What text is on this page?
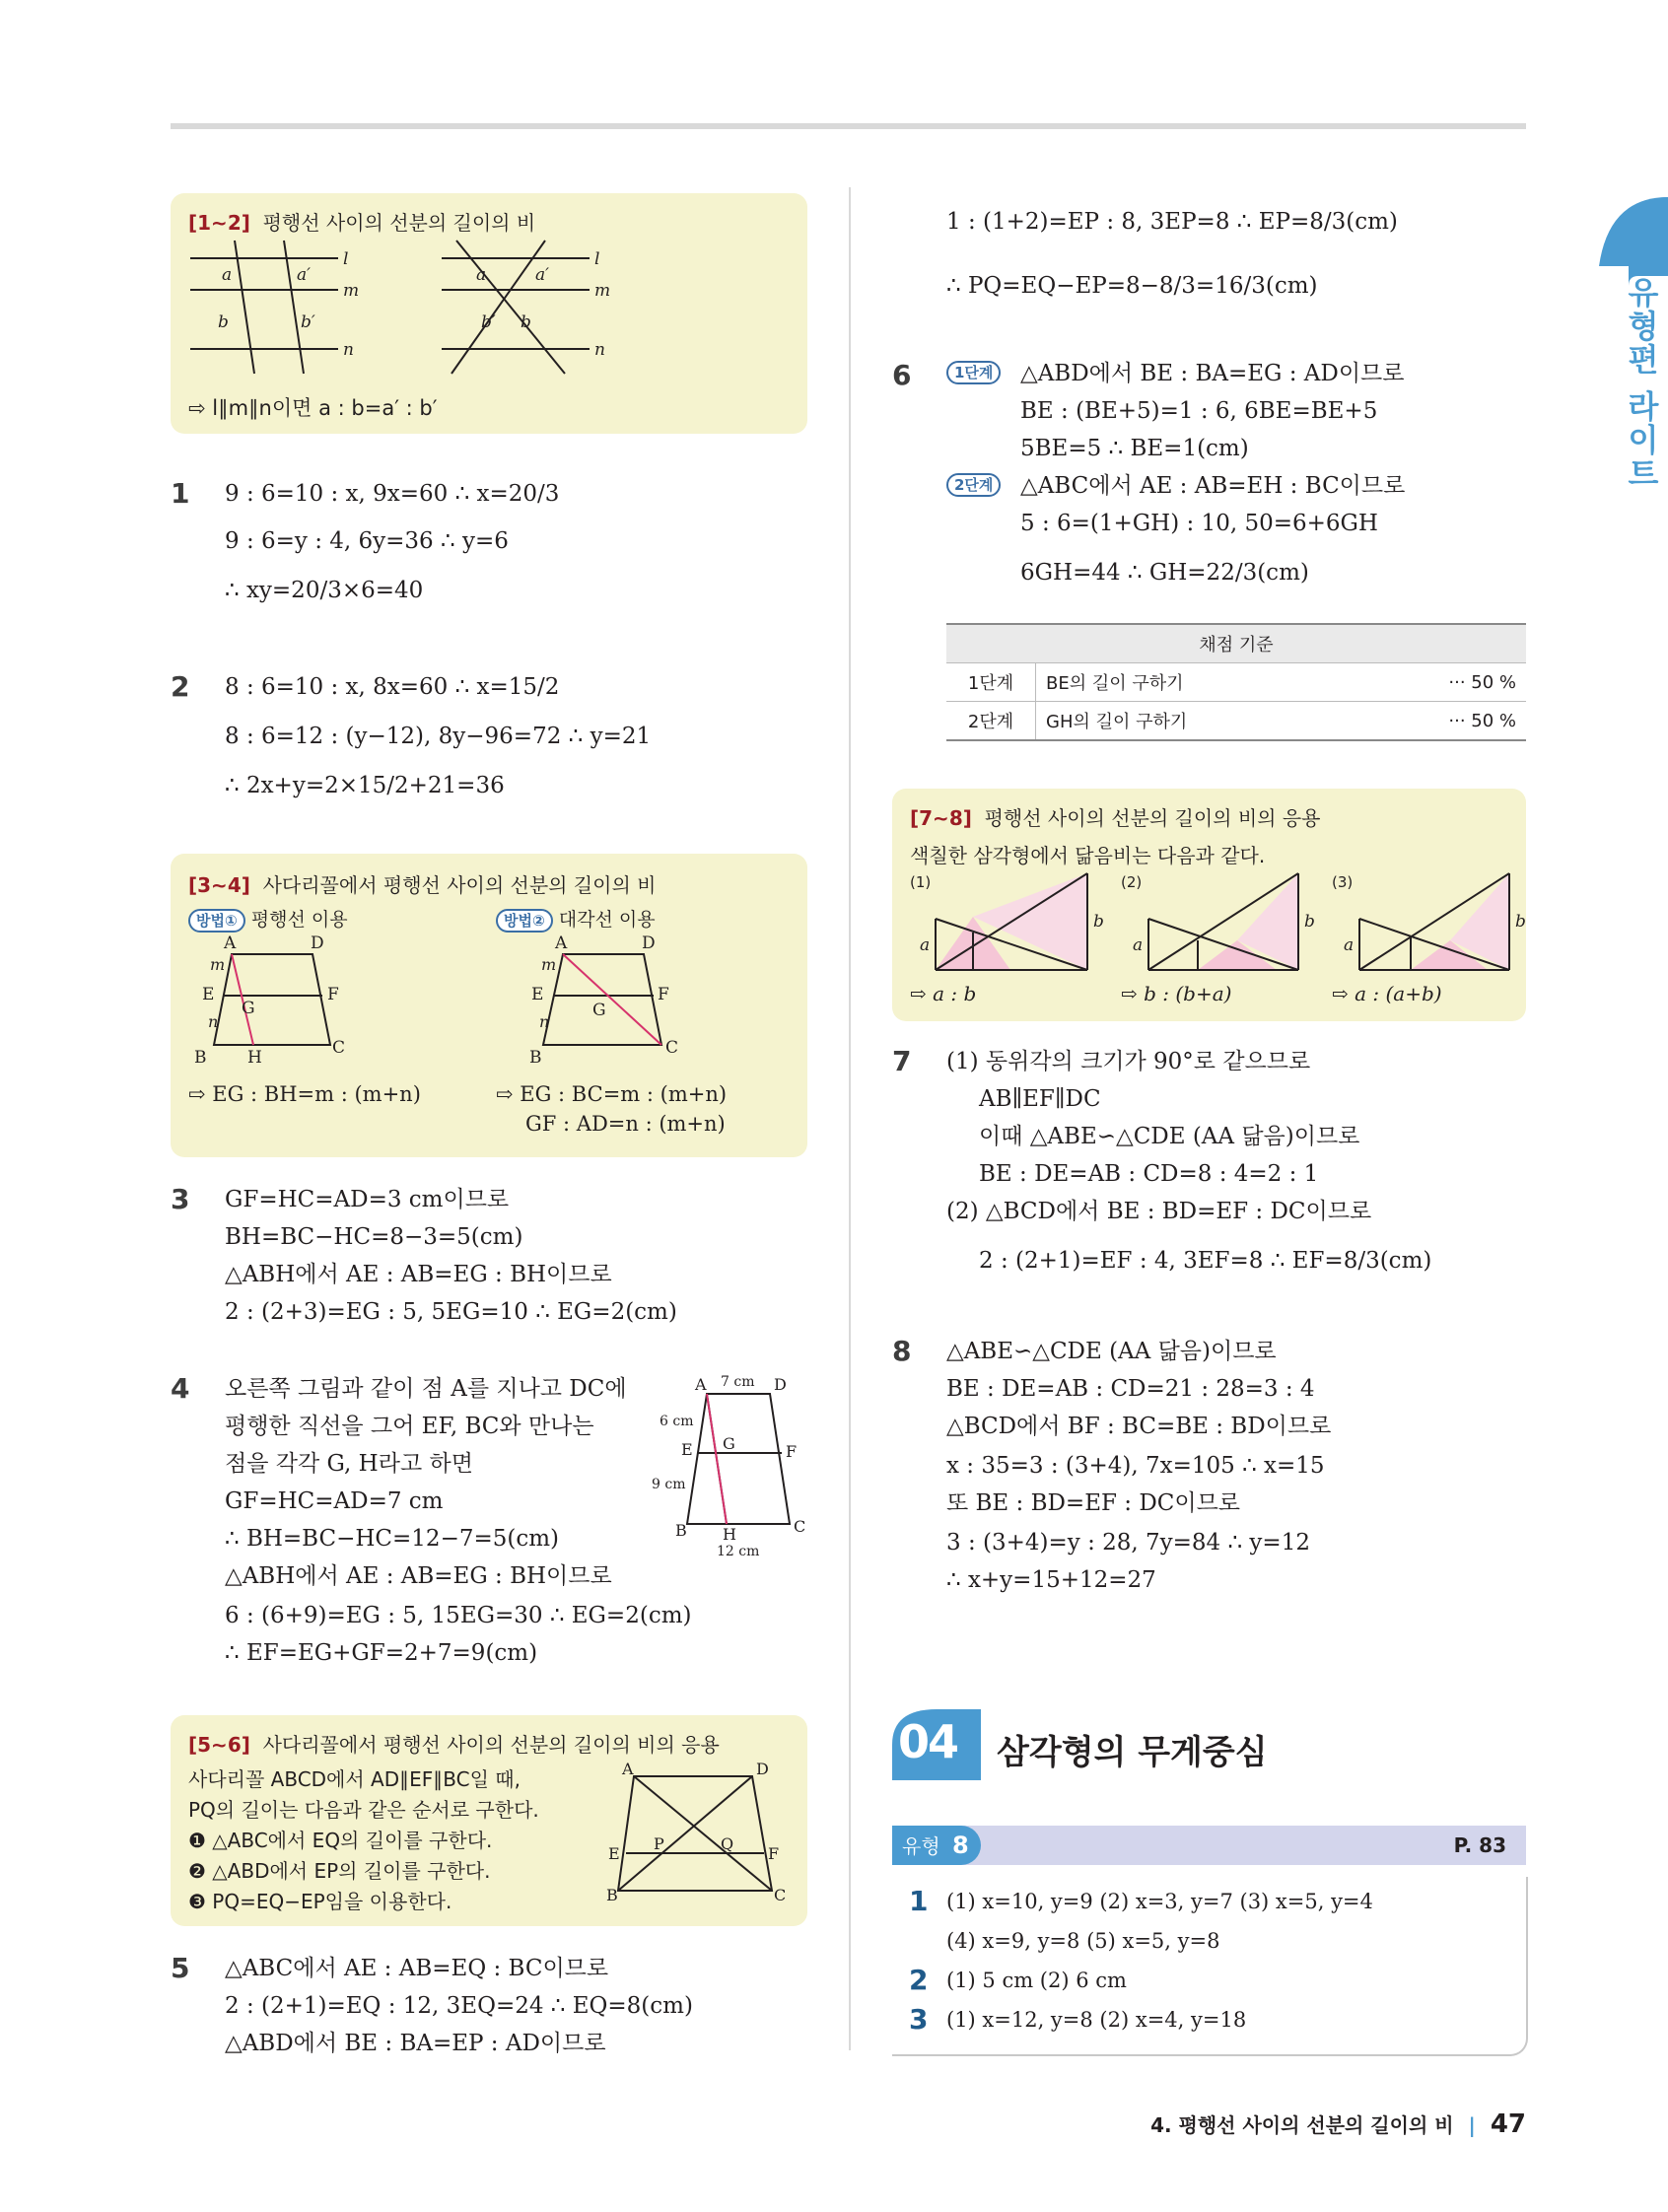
유형편 라이트
[1∼2] 평행선 사이의 선분의 길이의 비
l
m
n
a
b
a′
b′
l
m
n
a	a′
b′ b
⇨ l∥m∥n이면 a : b=a′ : b′
1 9 : 6=10 : x, 9x=60 ∴ x=20/3
9 : 6=y : 4, 6y=36 ∴ y=6
∴ xy=20/3×6=40
2 8 : 6=10 : x, 8x=60 ∴ x=15/2
8 : 6=12 : (y−12), 8y−96=72 ∴ y=21
∴ 2x+y=2×15/2+21=36
[3∼4] 사다리꼴에서 평행선 사이의 선분의 길이의 비
방법① 평행선 이용	방법② 대각선 이용
A	D
E	F
G
B H	C
A	D
E	F
G
B	C
m
n
m
n
⇨ EG : BH=m : (m+n)	⇨ EG : BC=m : (m+n)
GF : AD=n : (m+n)
3 GF=HC=AD=3 cm이므로
BH=BC−HC=8−3=5(cm)
△ABH에서 AE : AB=EG : BH이므로
2 : (2+3)=EG : 5, 5EG=10 ∴ EG=2(cm)
4 오른쪽 그림과 같이 점 A를 지나고 DC에
평행한 직선을 그어 EF, BC와 만나는
점을 각각 G, H라고 하면
GF=HC=AD=7 cm
∴ BH=BC−HC=12−7=5(cm)
△ABH에서 AE : AB=EG : BH이므로
6 : (6+9)=EG : 5, 15EG=30 ∴ EG=2(cm)
∴ EF=EG+GF=2+7=9(cm)
A	D
E G	F
B H	C
7 cm
6 cm
9 cm
12 cm
[5∼6] 사다리꼴에서 평행선 사이의 선분의 길이의 비의 응용
사다리꼴 ABCD에서 AD∥EF∥BC일 때,
PQ의 길이는 다음과 같은 순서로 구한다.
❶ △ABC에서 EQ의 길이를 구한다.
❷ △ABD에서 EP의 길이를 구한다.
❸ PQ=EQ−EP임을 이용한다.
A	D
E
P	Q
F
B	C
5 △ABC에서 AE : AB=EQ : BC이므로
2 : (2+1)=EQ : 12, 3EQ=24 ∴ EQ=8(cm)
△ABD에서 BE : BA=EP : AD이므로
1 : (1+2)=EP : 8, 3EP=8 ∴ EP=8/3(cm)
∴ PQ=EQ−EP=8−8/3=16/3(cm)
6	1단계	△ABD에서 BE : BA=EG : AD이므로
BE : (BE+5)=1 : 6, 6BE=BE+5
5BE=5 ∴ BE=1(cm)
2단계	△ABC에서 AE : AB=EH : BC이므로
5 : 6=(1+GH) : 10, 50=6+6GH
6GH=44 ∴ GH=22/3(cm)
채점 기준
1단계	BE의 길이 구하기	··· 50 %
2단계	GH의 길이 구하기	··· 50 %
[7∼8] 평행선 사이의 선분의 길이의 비의 응용
색칠한 삼각형에서 닮음비는 다음과 같다.
(1)	(2)	(3)
a
b
a
b
a
b
⇨ a : b	⇨ b : (b+a)	⇨ a : (a+b)
7 (1) 동위각의 크기가 90°로 같으므로
AB∥EF∥DC
이때 △ABE∽△CDE (AA 닮음)이므로
BE : DE=AB : CD=8 : 4=2 : 1
(2) △BCD에서 BE : BD=EF : DC이므로
2 : (2+1)=EF : 4, 3EF=8 ∴ EF=8/3(cm)
8 △ABE∽△CDE (AA 닮음)이므로
BE : DE=AB : CD=21 : 28=3 : 4
△BCD에서 BF : BC=BE : BD이므로
x : 35=3 : (3+4), 7x=105 ∴ x=15
또 BE : BD=EF : DC이므로
3 : (3+4)=y : 28, 7y=84 ∴ y=12
∴ x+y=15+12=27
04 삼각형의 무게중심
유형 8	P. 83
1 (1) x=10, y=9 (2) x=3, y=7 (3) x=5, y=4
(4) x=9, y=8 (5) x=5, y=8
2 (1) 5 cm (2) 6 cm
3 (1) x=12, y=8 (2) x=4, y=18
4. 평행선 사이의 선분의 길이의 비 | 47
